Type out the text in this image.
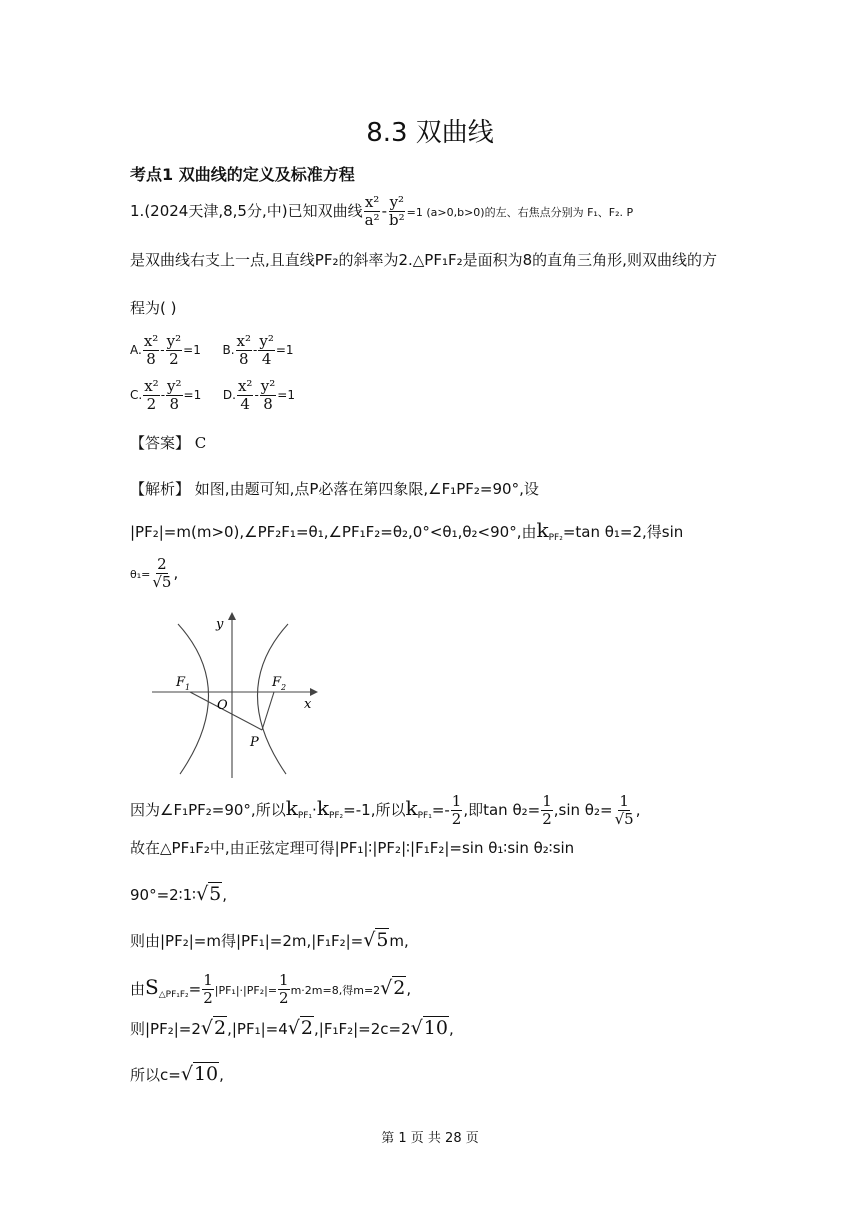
8.3 双曲线
考点1 双曲线的定义及标准方程
1.(2024天津,8,5分,中)已知双曲线 $\frac{\text{x²}}{\text{a²}} - \frac{\text{y²}}{\text{b²}} =1$ (a>0,b>0)的左、右焦点分别为 F₁、F₂. P
是双曲线右支上一点,且直线PF₂的斜率为2.△PF₁F₂是面积为8的直角三角形,则双曲线的方
程为( )
A. $\frac{\text{x²}}{8} - \frac{\text{y²}}{2} =1$ B. $\frac{\text{x²}}{8} - \frac{\text{y²}}{4} =1$
C. $\frac{\text{x²}}{2} - \frac{\text{y²}}{8} =1$ D. $\frac{\text{x²}}{4} - \frac{\text{y²}}{8} =1$
【答案】 C
【解析】 如图,由题可知,点P必落在第四象限,∠F₁PF₂=90°,设
|PF₂|=m(m>0),∠PF₂F₁=θ₁,∠PF₁F₂=θ₂,0°<θ₁,θ₂<90°,由$k_{PF_2}=\tan$ θ₁=2,得sin
$\theta_1= \frac{2}{√5}$ ,
y
x
O
F 1	F 2
P
因为∠F₁PF₂=90°,所以$k_{PF_1}\cdot k_{PF_2}=-1$,所以$k_{PF_1}=- \frac{1}{2}$ ,即$\tan \theta_2= \frac{1}{2} ,\sin$ $\theta_2= \frac{1}{√5}$ ,
故在△PF₁F₂中,由正弦定理可得|PF₁|∶|PF₂|∶|F₁F₂|=sin θ₁∶sin θ₂∶sin
90°=2∶1∶√5,
则由|PF₂|=m得|PF₁|=2m,|F₁F₂|=√5m,
由$S_{\triangle PF_1F_2}= \frac{1}{2} |PF_1|\cdot|PF_2|= \frac{1}{2} m\cdot 2m=8$,得m=2√2,
则|PF₂|=2√2,|PF₁|=4√2,|F₁F₂|=2c=2√10,
所以c=√10,
第 1 页 共 28 页
